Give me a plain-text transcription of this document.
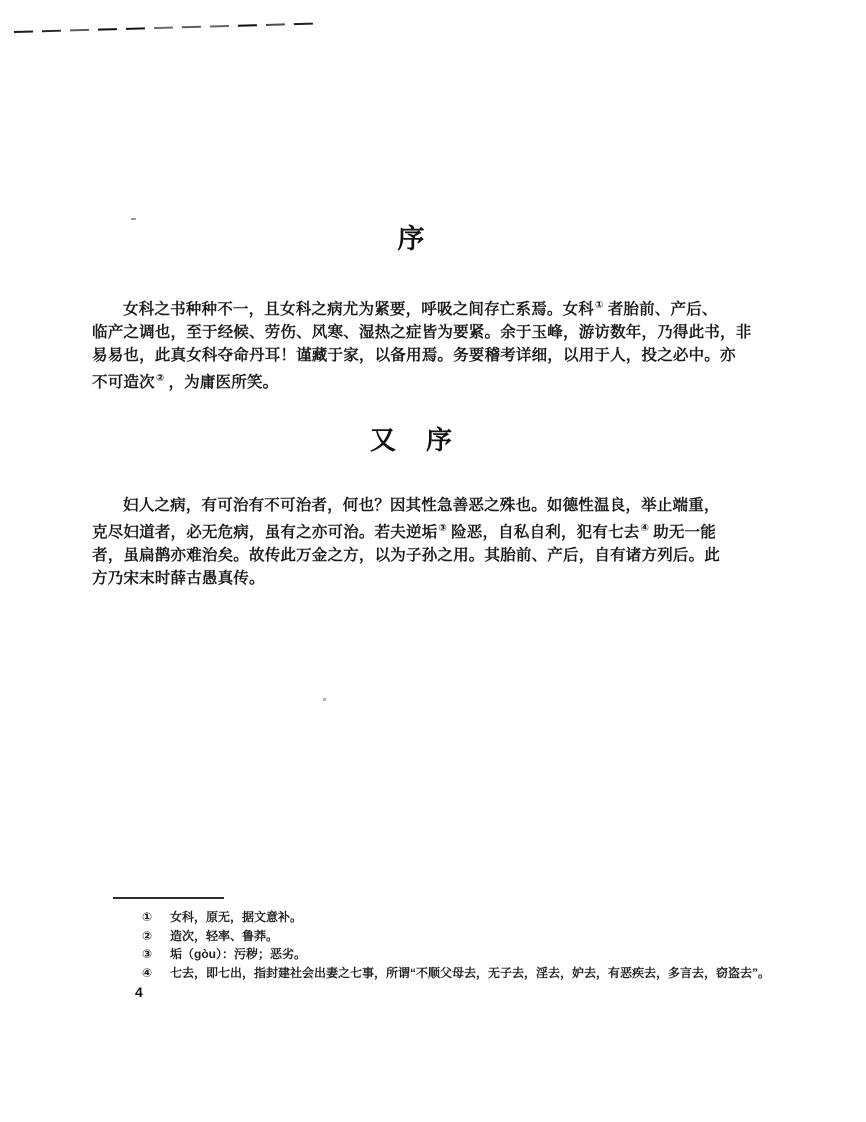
序
女科之书种种不一，且女科之病尤为紧要，呼吸之间存亡系焉。女科① 者胎前、产后、
临产之调也，至于经候、劳伤、风寒、湿热之症皆为要紧。余于玉峰，游访数年，乃得此书，非
易易也，此真女科夺命丹耳！谨藏于家，以备用焉。务要稽考详细，以用于人，投之必中。亦
不可造次② ，为庸医所笑。
又　序
妇人之病，有可治有不可治者，何也？因其性急善恶之殊也。如德性温良，举止端重，
克尽妇道者，必无危病，虽有之亦可治。若夫逆垢③ 险恶，自私自利，犯有七去④ 助无一能
者，虽扁鹊亦难治矣。故传此万金之方，以为子孙之用。其胎前、产后，自有诸方列后。此
方乃宋末时薛古愚真传。
①	女科，原无，据文意补。
②	造次，轻率、鲁莽。
③	垢（gòu）：污秽；恶劣。
④	七去，即七出，指封建社会出妻之七事，所谓“不顺父母去，无子去，淫去，妒去，有恶疾去，多言去，窃盗去”。
4
